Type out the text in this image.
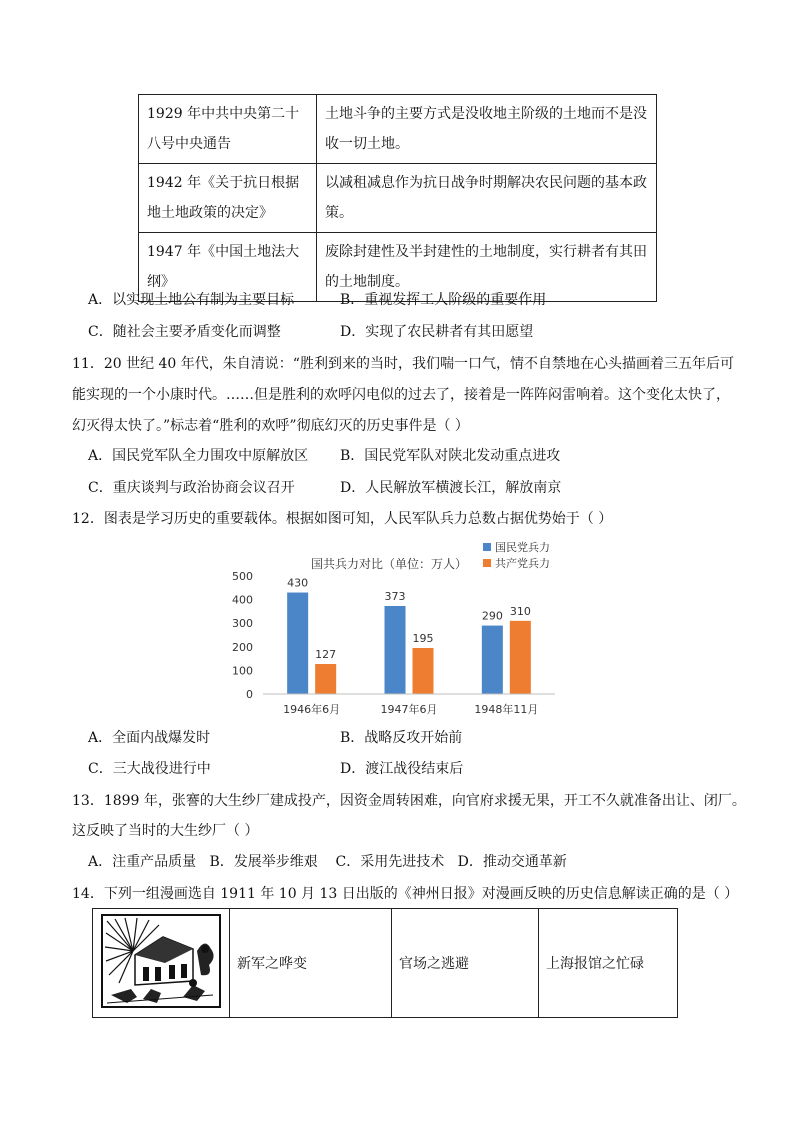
1929 年中共中央第二十八号中央通告	土地斗争的主要方式是没收地主阶级的土地而不是没收一切土地。
1942 年《关于抗日根据地土地政策的决定》	以减租减息作为抗日战争时期解决农民问题的基本政策。
1947 年《中国土地法大纲》	废除封建性及半封建性的土地制度，实行耕者有其田的土地制度。
A．以实现土地公有制为主要目标	B．重视发挥工人阶级的重要作用
C．随社会主要矛盾变化而调整	D．实现了农民耕者有其田愿望
11．20 世纪 40 年代，朱自清说：“胜利到来的当时，我们喘一口气，情不自禁地在心头描画着三五年后可
能实现的一个小康时代。……但是胜利的欢呼闪电似的过去了，接着是一阵阵闷雷响着。这个变化太快了，
幻灭得太快了。”标志着“胜利的欢呼”彻底幻灭的历史事件是（ ）
A．国民党军队全力围攻中原解放区 B．国民党军队对陕北发动重点进攻
C．重庆谈判与政治协商会议召开	D．人民解放军横渡长江，解放南京
12．图表是学习历史的重要载体。根据如图可知，人民军队兵力总数占据优势始于（ ）
国共兵力对比（单位：万人）
国民党兵力
共产党兵力
0
100
200
300
400
500
430
127
373
195
290 310
1946年6月	1947年6月	1948年11月
A．全面内战爆发时	B．战略反攻开始前
C．三大战役进行中	D．渡江战役结束后
13．1899 年，张謇的大生纱厂建成投产，因资金周转困难，向官府求援无果，开工不久就准备出让、闭厂。
这反映了当时的大生纱厂（ ）
A．注重产品质量   B．发展举步维艰    C．采用先进技术   D．推动交通革新
14．下列一组漫画选自 1911 年 10 月 13 日出版的《神州日报》对漫画反映的历史信息解读正确的是（ ）
	新军之哗变	官场之逃避	上海报馆之忙碌
